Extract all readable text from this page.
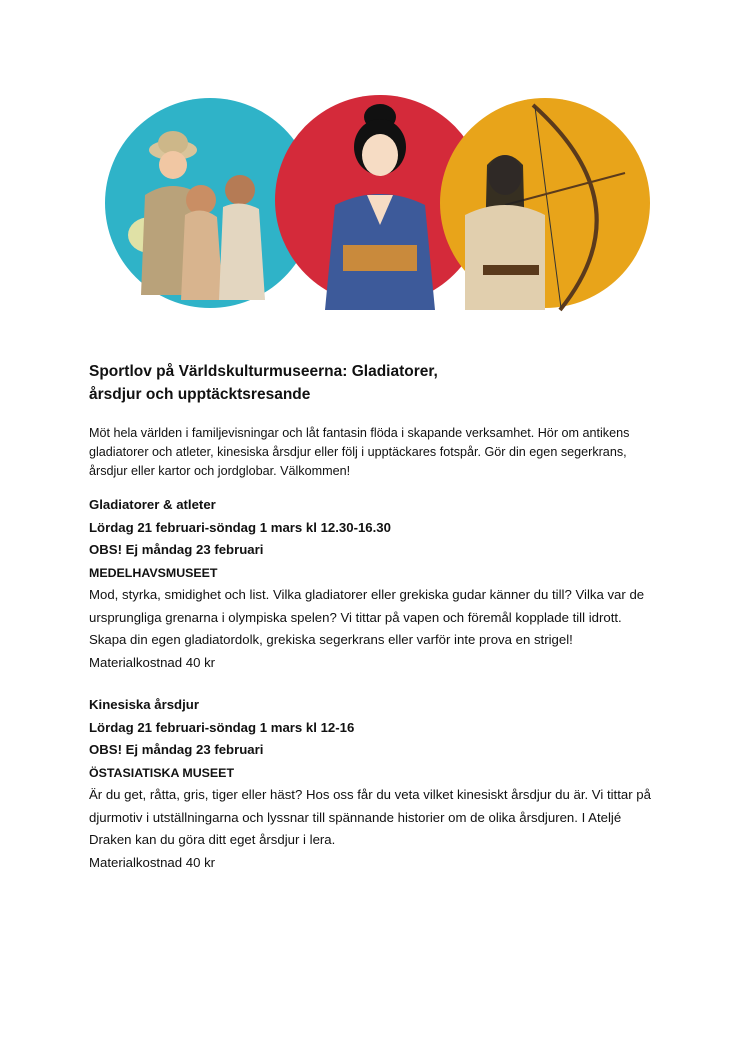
Sportlov på Världskulturmuseerna: Gladiatorer,
årsdjur och upptäcktsresande

Möt hela världen i familjevisningar och låt fantasin flöda i skapande verksamhet. Hör om antikens gladiatorer och atleter, kinesiska årsdjur eller följ i upptäckares fotspår. Gör din egen segerkrans, årsdjur eller kartor och jordglobar. Välkommen!

Gladiatorer & atleter
Lördag 21 februari-söndag 1 mars kl 12.30-16.30
OBS! Ej måndag 23 februari
MEDELHAVSMUSEET
Mod, styrka, smidighet och list. Vilka gladiatorer eller grekiska gudar känner du till? Vilka var de ursprungliga grenarna i olympiska spelen? Vi tittar på vapen och föremål kopplade till idrott. Skapa din egen gladiatordolk, grekiska segerkrans eller varför inte prova en strigel!
Materialkostnad 40 kr
Kinesiska årsdjur
Lördag 21 februari-söndag 1 mars kl 12-16
OBS! Ej måndag 23 februari
ÖSTASIATISKA MUSEET
Är du get, råtta, gris, tiger eller häst? Hos oss får du veta vilket kinesiskt årsdjur du är. Vi tittar på djurmotiv i utställningarna och lyssnar till spännande historier om de olika årsdjuren. I Ateljé Draken kan du göra ditt eget årsdjur i lera.
Materialkostnad 40 kr
